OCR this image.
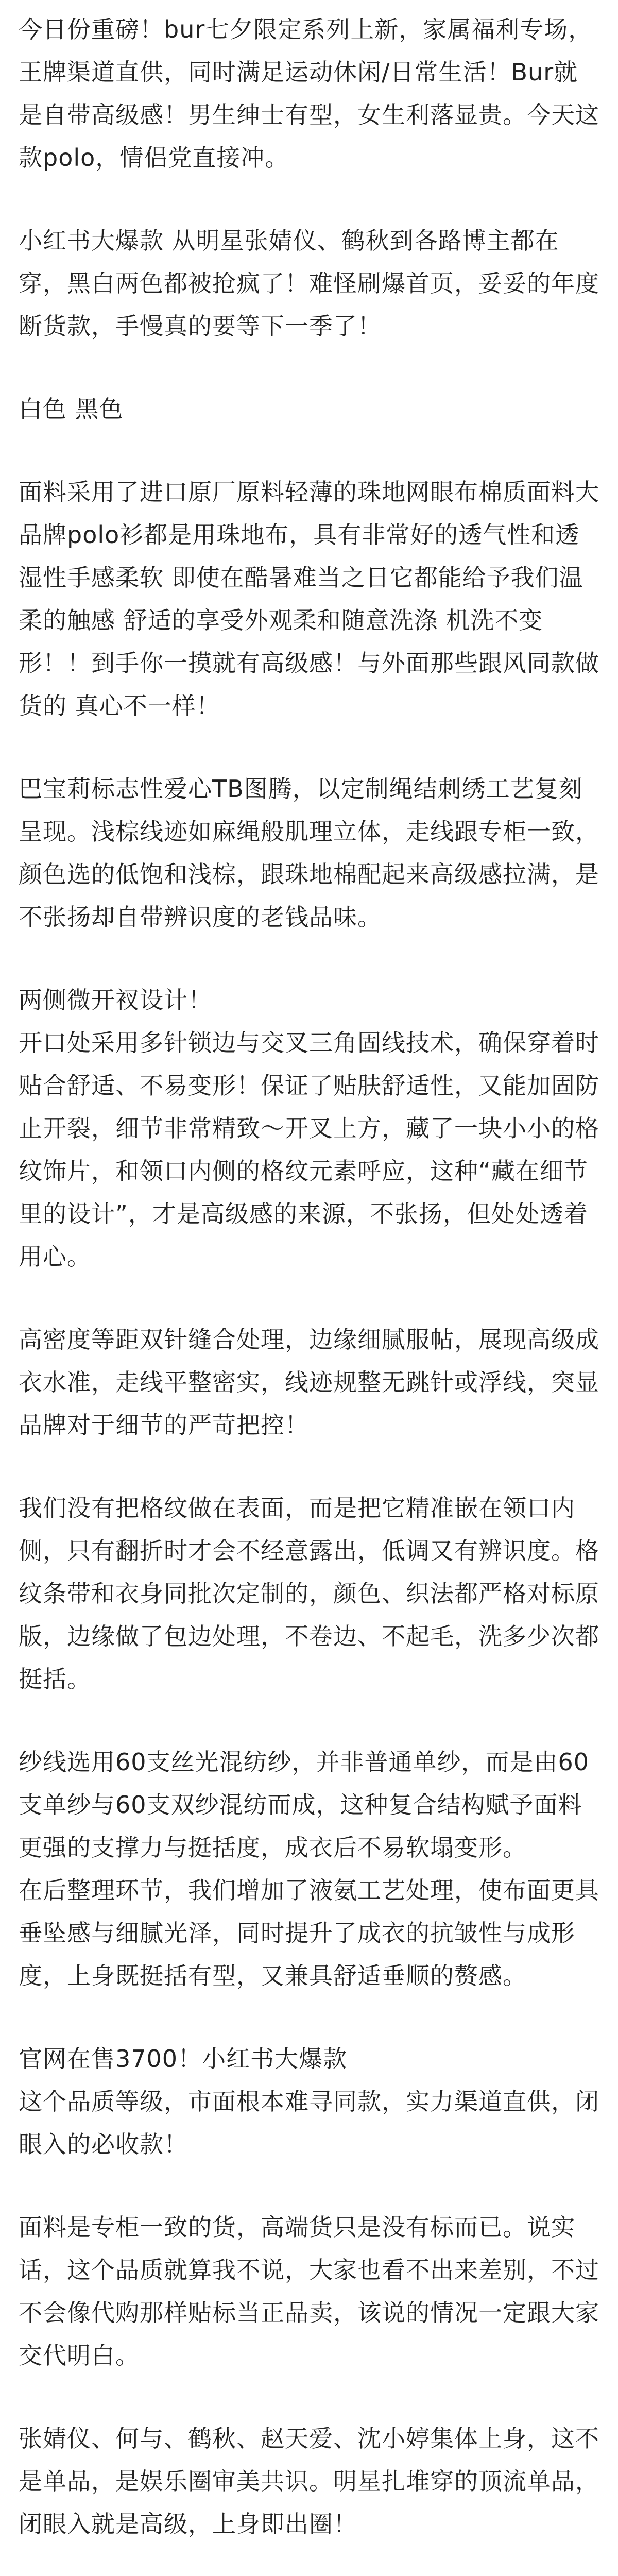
今日份重磅！bur七夕限定系列上新，家属福利专场，王牌渠道直供，同时满足运动休闲/日常生活！Bur就是自带高级感！男生绅士有型，女生利落显贵。今天这款polo，情侣党直接冲。

小红书大爆款 从明星张婧仪、鹤秋到各路博主都在穿，黑白两色都被抢疯了！难怪刷爆首页，妥妥的年度断货款，手慢真的要等下一季了！

白色 黑色

面料采用了进口原厂原料轻薄的珠地网眼布棉质面料大品牌polo衫都是用珠地布，具有非常好的透气性和透湿性手感柔软 即使在酷暑难当之日它都能给予我们温柔的触感 舒适的享受外观柔和随意洗涤 机洗不变形！！到手你一摸就有高级感！与外面那些跟风同款做货的 真心不一样！

巴宝莉标志性爱心TB图腾，以定制绳结刺绣工艺复刻呈现。浅棕线迹如麻绳般肌理立体，走线跟专柜一致，颜色选的低饱和浅棕，跟珠地棉配起来高级感拉满，是不张扬却自带辨识度的老钱品味。

两侧微开衩设计！
开口处采用多针锁边与交叉三角固线技术，确保穿着时贴合舒适、不易变形！保证了贴肤舒适性，又能加固防止开裂，细节非常精致～开叉上方，藏了一块小小的格纹饰片，和领口内侧的格纹元素呼应，这种“藏在细节里的设计”，才是高级感的来源，不张扬，但处处透着用心。

高密度等距双针缝合处理，边缘细腻服帖，展现高级成衣水准，走线平整密实，线迹规整无跳针或浮线，突显品牌对于细节的严苛把控！

我们没有把格纹做在表面，而是把它精准嵌在领口内侧，只有翻折时才会不经意露出，低调又有辨识度。格纹条带和衣身同批次定制的，颜色、织法都严格对标原版，边缘做了包边处理，不卷边、不起毛，洗多少次都挺括。

纱线选用60支丝光混纺纱，并非普通单纱，而是由60支单纱与60支双纱混纺而成，这种复合结构赋予面料更强的支撑力与挺括度，成衣后不易软塌变形。
在后整理环节，我们增加了液氨工艺处理，使布面更具垂坠感与细腻光泽，同时提升了成衣的抗皱性与成形度，上身既挺括有型，又兼具舒适垂顺的赘感。

官网在售3700！小红书大爆款
这个品质等级，市面根本难寻同款，实力渠道直供，闭眼入的必收款！

面料是专柜一致的货，高端货只是没有标而已。说实话，这个品质就算我不说，大家也看不出来差别，不过不会像代购那样贴标当正品卖，该说的情况一定跟大家交代明白。

张婧仪、何与、鹤秋、赵天爱、沈小婷集体上身，这不是单品，是娱乐圈审美共识。明星扎堆穿的顶流单品，闭眼入就是高级，上身即出圈！
